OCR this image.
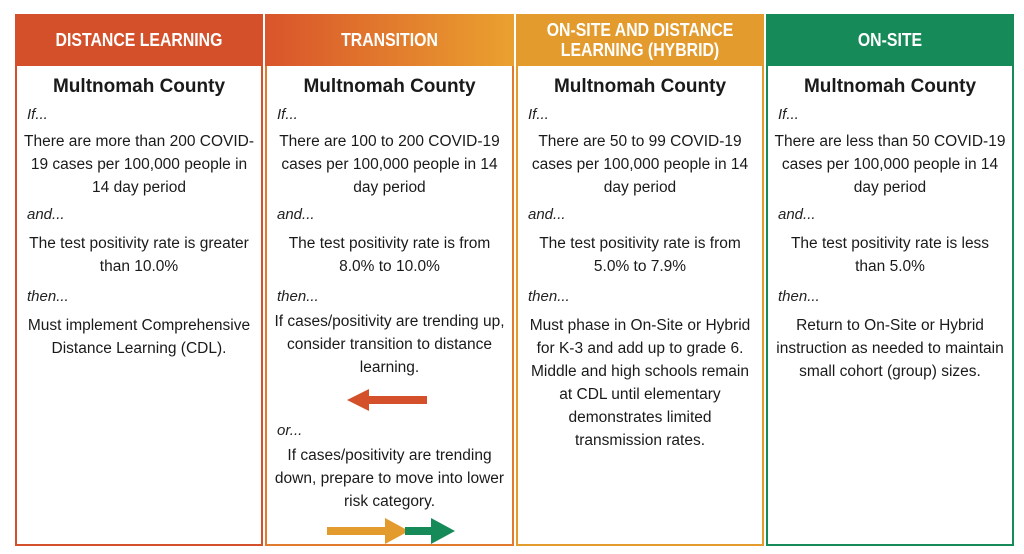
DISTANCE LEARNING
Multnomah County
If...
There are more than 200 COVID-19 cases per 100,000 people in 14 day period
and...
The test positivity rate is greater than 10.0%
then...
Must implement Comprehensive Distance Learning (CDL).
TRANSITION
Multnomah County
If...
There are 100 to 200 COVID-19 cases per 100,000 people in 14 day period
and...
The test positivity rate is from 8.0% to 10.0%
then...
If cases/positivity are trending up, consider transition to distance learning.
or...
If cases/positivity are trending down, prepare to move into lower risk category.
ON-SITE AND DISTANCE LEARNING (HYBRID)
Multnomah County
If...
There are 50 to 99 COVID-19 cases per 100,000 people in 14 day period
and...
The test positivity rate is from 5.0% to 7.9%
then...
Must phase in On-Site or Hybrid for K-3 and add up to grade 6. Middle and high schools remain at CDL until elementary demonstrates limited transmission rates.
ON-SITE
Multnomah County
If...
There are less than 50 COVID-19 cases per 100,000 people in 14 day period
and...
The test positivity rate is less than 5.0%
then...
Return to On-Site or Hybrid instruction as needed to maintain small cohort (group) sizes.
